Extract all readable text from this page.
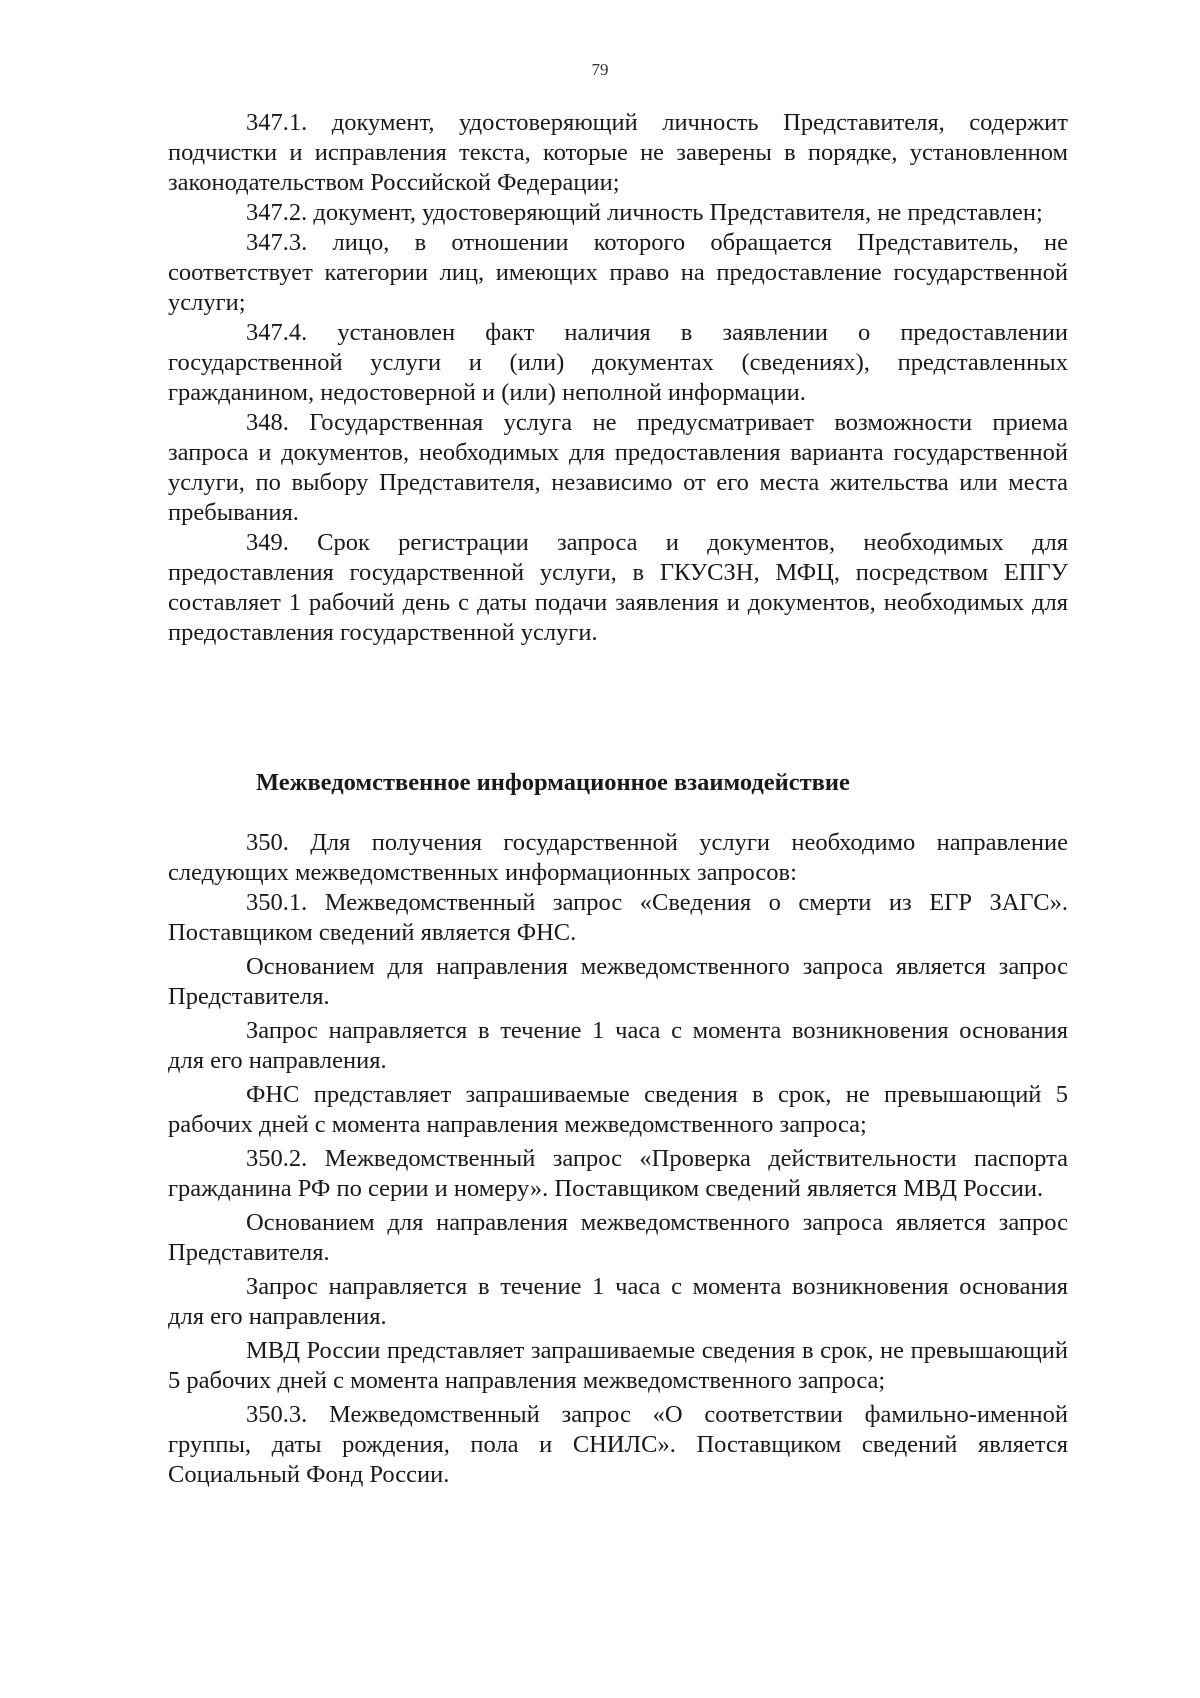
79

347.1. документ, удостоверяющий личность Представителя, содержит подчистки и исправления текста, которые не заверены в порядке, установленном законодательством Российской Федерации;

347.2. документ, удостоверяющий личность Представителя, не представлен;

347.3. лицо, в отношении которого обращается Представитель, не соответствует категории лиц, имеющих право на предоставление государственной услуги;

347.4. установлен факт наличия в заявлении о предоставлении государственной услуги и (или) документах (сведениях), представленных гражданином, недостоверной и (или) неполной информации.

348. Государственная услуга не предусматривает возможности приема запроса и документов, необходимых для предоставления варианта государственной услуги, по выбору Представителя, независимо от его места жительства или места пребывания.

349. Срок регистрации запроса и документов, необходимых для предоставления государственной услуги, в ГКУСЗН, МФЦ, посредством ЕПГУ составляет 1 рабочий день с даты подачи заявления и документов, необходимых для предоставления государственной услуги.

Межведомственное информационное взаимодействие

350. Для получения государственной услуги необходимо направление следующих межведомственных информационных запросов:

350.1. Межведомственный запрос «Сведения о смерти из ЕГР ЗАГС». Поставщиком сведений является ФНС.

Основанием для направления межведомственного запроса является запрос Представителя.

Запрос направляется в течение 1 часа с момента возникновения основания для его направления.

ФНС представляет запрашиваемые сведения в срок, не превышающий 5 рабочих дней с момента направления межведомственного запроса;

350.2. Межведомственный запрос «Проверка действительности паспорта гражданина РФ по серии и номеру». Поставщиком сведений является МВД России.

Основанием для направления межведомственного запроса является запрос Представителя.

Запрос направляется в течение 1 часа с момента возникновения основания для его направления.

МВД России представляет запрашиваемые сведения в срок, не превышающий 5 рабочих дней с момента направления межведомственного запроса;

350.3. Межведомственный запрос «О соответствии фамильно-именной группы, даты рождения, пола и СНИЛС». Поставщиком сведений является Социальный Фонд России.
